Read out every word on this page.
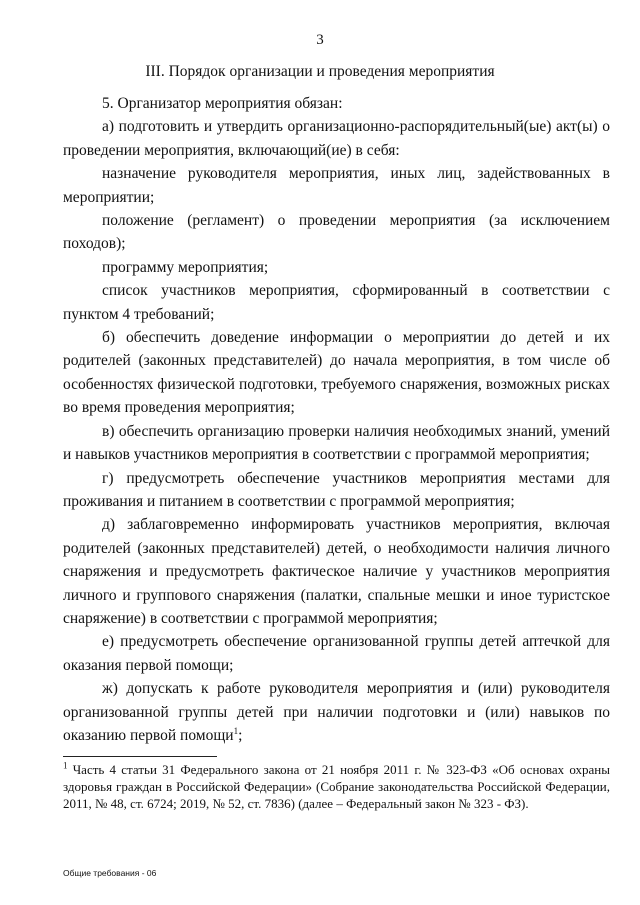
3
III. Порядок организации и проведения мероприятия

5. Организатор мероприятия обязан:

а) подготовить и утвердить организационно-распорядительный(ые) акт(ы) о проведении мероприятия, включающий(ие) в себя:

назначение руководителя мероприятия, иных лиц, задействованных в мероприятии;

положение (регламент) о проведении мероприятия (за исключением походов);

программу мероприятия;

список участников мероприятия, сформированный в соответствии с пунктом 4 требований;

б) обеспечить доведение информации о мероприятии до детей и их родителей (законных представителей) до начала мероприятия, в том числе об особенностях физической подготовки, требуемого снаряжения, возможных рисках во время проведения мероприятия;

в) обеспечить организацию проверки наличия необходимых знаний, умений и навыков участников мероприятия в соответствии с программой мероприятия;

г) предусмотреть обеспечение участников мероприятия местами для проживания и питанием в соответствии с программой мероприятия;

д) заблаговременно информировать участников мероприятия, включая родителей (законных представителей) детей, о необходимости наличия личного снаряжения и предусмотреть фактическое наличие у участников мероприятия личного и группового снаряжения (палатки, спальные мешки и иное туристское снаряжение) в соответствии с программой мероприятия;

е) предусмотреть обеспечение организованной группы детей аптечкой для оказания первой помощи;

ж) допускать к работе руководителя мероприятия и (или) руководителя организованной группы детей при наличии подготовки и (или) навыков по оказанию первой помощи$^1$;

$^1$ Часть 4 статьи 31 Федерального закона от 21 ноября 2011 г. № 323-ФЗ «Об основах охраны здоровья граждан в Российской Федерации» (Собрание законодательства Российской Федерации, 2011, № 48, ст. 6724; 2019, № 52, ст. 7836) (далее – Федеральный закон № 323 - ФЗ).
Общие требования - 06
